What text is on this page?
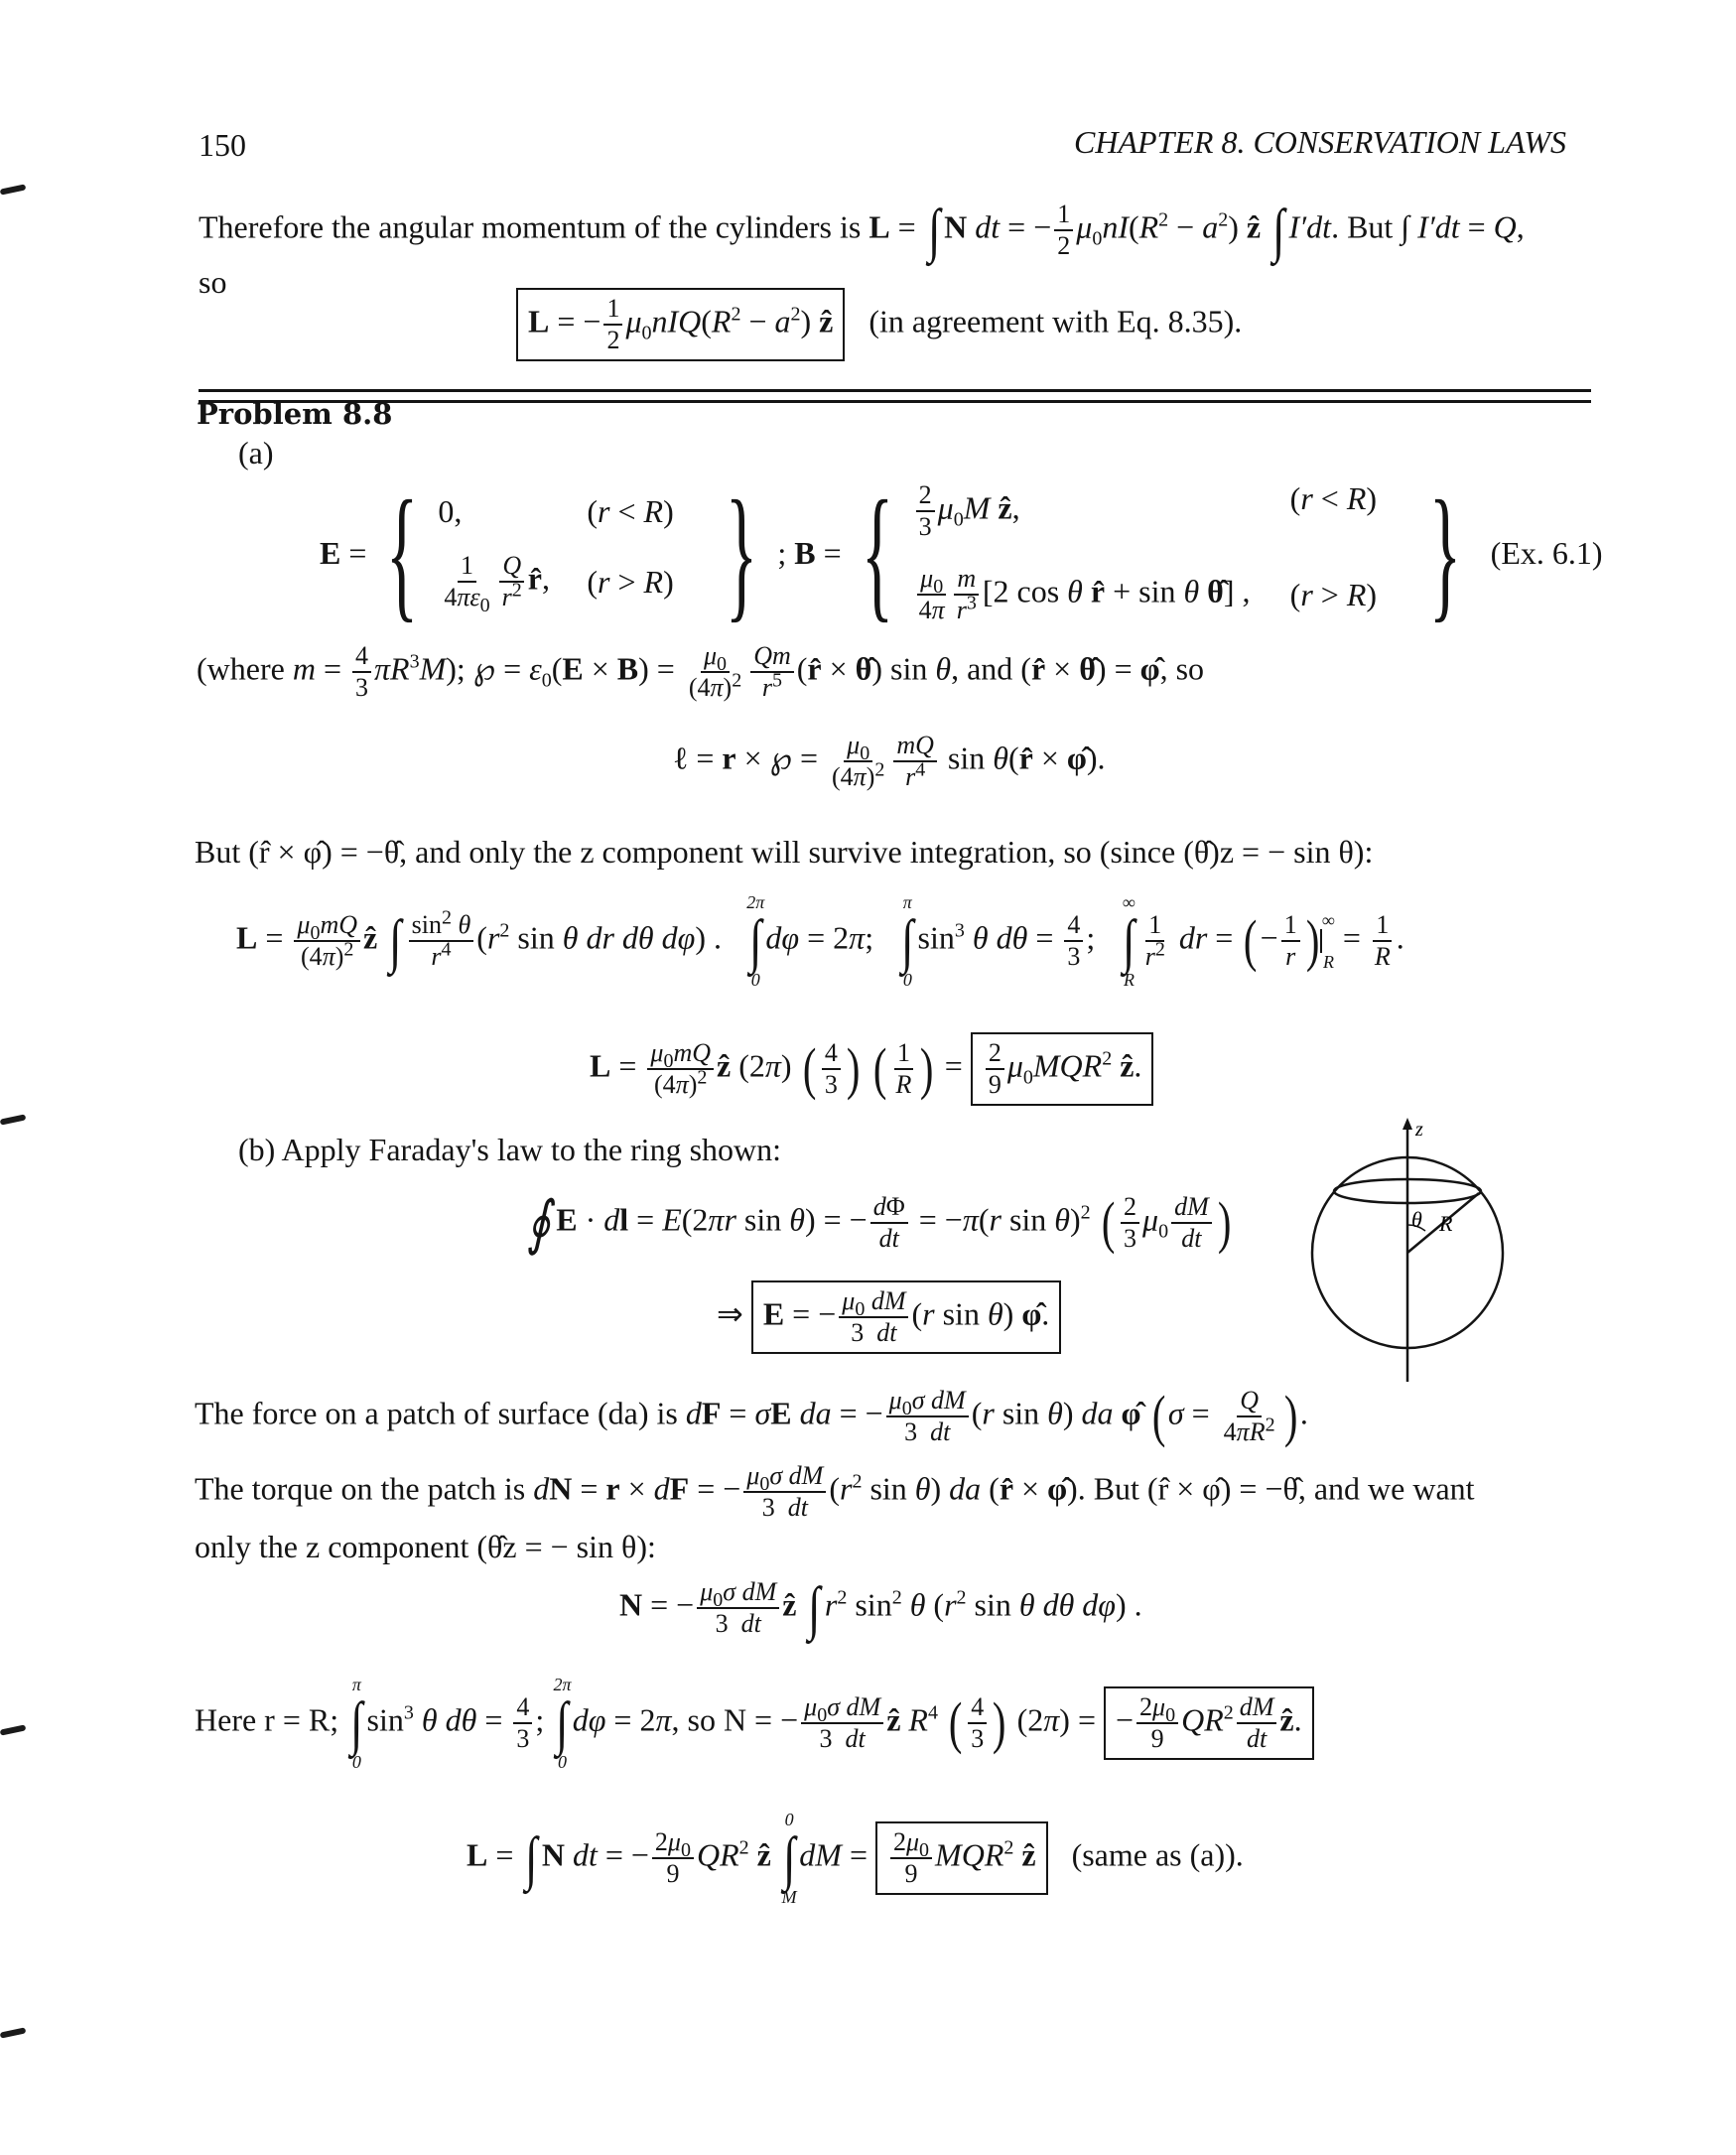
150	CHAPTER 8. CONSERVATION LAWS
Therefore the angular momentum of the cylinders is L = ∫ N dt = − $\frac{1}{2} \mu_0nI(R^2 - a^2)$ ẑ ∫ I′dt. But ∫ I′dt = Q,
so
L = − $\frac{1}{2} \mu_0nIQ(R^2 - a^2)$ ẑ (in agreement with Eq. 8.35).
Problem 8.8
(a)
E = { 0,	(r < R)
$\frac{1}{4\pi\varepsilon_0} \frac{Q}{r^2}$ r̂,	(r > R) } ; B = { $\frac{2}{3} \mu_0M$ ẑ,	(r < R)
$\frac{\mu_0}{4\pi} \frac{m}{r^3} [2$ cos θ r̂ + sin θ θ̂] ,	(r > R) } (Ex. 6.1)
(where $m = \frac{4}{3} \pi R^3M$); ℘ = $\varepsilon_0(E \times B) = \frac{\mu_0}{(4\pi)^2} \frac{Qm}{r^5}$ (r̂ × θ̂) sin θ, and (r̂ × θ̂) = φ̂, so
ℓ = r × ℘ = $\frac{\mu_0}{(4\pi)^2} \frac{mQ}{r^4}$ sin θ(r̂ × φ̂).
But (r̂ × φ̂) = −θ̂, and only the z component will survive integration, so (since (θ̂)z = − sin θ):
$L = \frac{\mu_0mQ}{(4\pi)^2}$ ẑ ∫ $\frac{\sin^2 \theta}{r^4} (r^2$ sin θ dr dθ dφ) .
2π
∫
0
dφ = 2π;
π
∫
0
$\sin^3 \theta$ $d\theta = \frac{4}{3}$ ;
∞
∫
R
$\frac{1}{r^2}$ dr = (− $\frac{1}{r}$ ) ∞
R
= $\frac{1}{R}$ .
$L = \frac{\mu_0mQ}{(4\pi)^2}$ ẑ (2π) ( $\frac{4}{3}$ ) ( $\frac{1}{R}$ ) = $\frac{2}{9} \mu_0MQR^2$ ẑ.
(b) Apply Faraday's law to the ring shown:
∮ E · dl = E(2πr sin θ) = − $\frac{d\Phi}{dt} = -\pi(r$ sin θ)$^2$ ( $\frac{2}{3} \mu_0 \frac{dM}{dt}$ )
⇒ E = − $\frac{\mu_0 dM}{3 dt} (r$ sin θ) φ̂.
z
θ R
The force on a patch of surface (da) is dF = σE da = − $\frac{\mu_0\sigma dM}{3 dt} (r$ sin θ) da φ̂ ($\sigma = \frac{Q}{4\pi R^2}$ ).
The torque on the patch is dN = r × dF = − $\frac{\mu_0\sigma dM}{3 dt} (r^2$ sin θ) da (r̂ × φ̂). But (r̂ × φ̂) = −θ̂, and we want
only the z component (θ̂z = − sin θ):
N = − $\frac{\mu_0\sigma dM}{3 dt}$ ẑ ∫ $r^2$ $\sin^2 \theta$ ($r^2$ sin θ dθ dφ) .
Here r = R;
π
∫
0
$\sin^3 \theta$ $d\theta = \frac{4}{3}$ ;
2π
∫
0
dφ = 2π, so N = − $\frac{\mu_0\sigma dM}{3 dt}$ ẑ $R^4$ ( $\frac{4}{3}$ ) (2π) = − $\frac{2\mu_0}{9} QR^2 \frac{dM}{dt}$ ẑ.
L = ∫ N dt = − $\frac{2\mu_0}{9} QR^2$ ẑ
0
∫
M
dM = $\frac{2\mu_0}{9} MQR^2$ ẑ (same as (a)).
